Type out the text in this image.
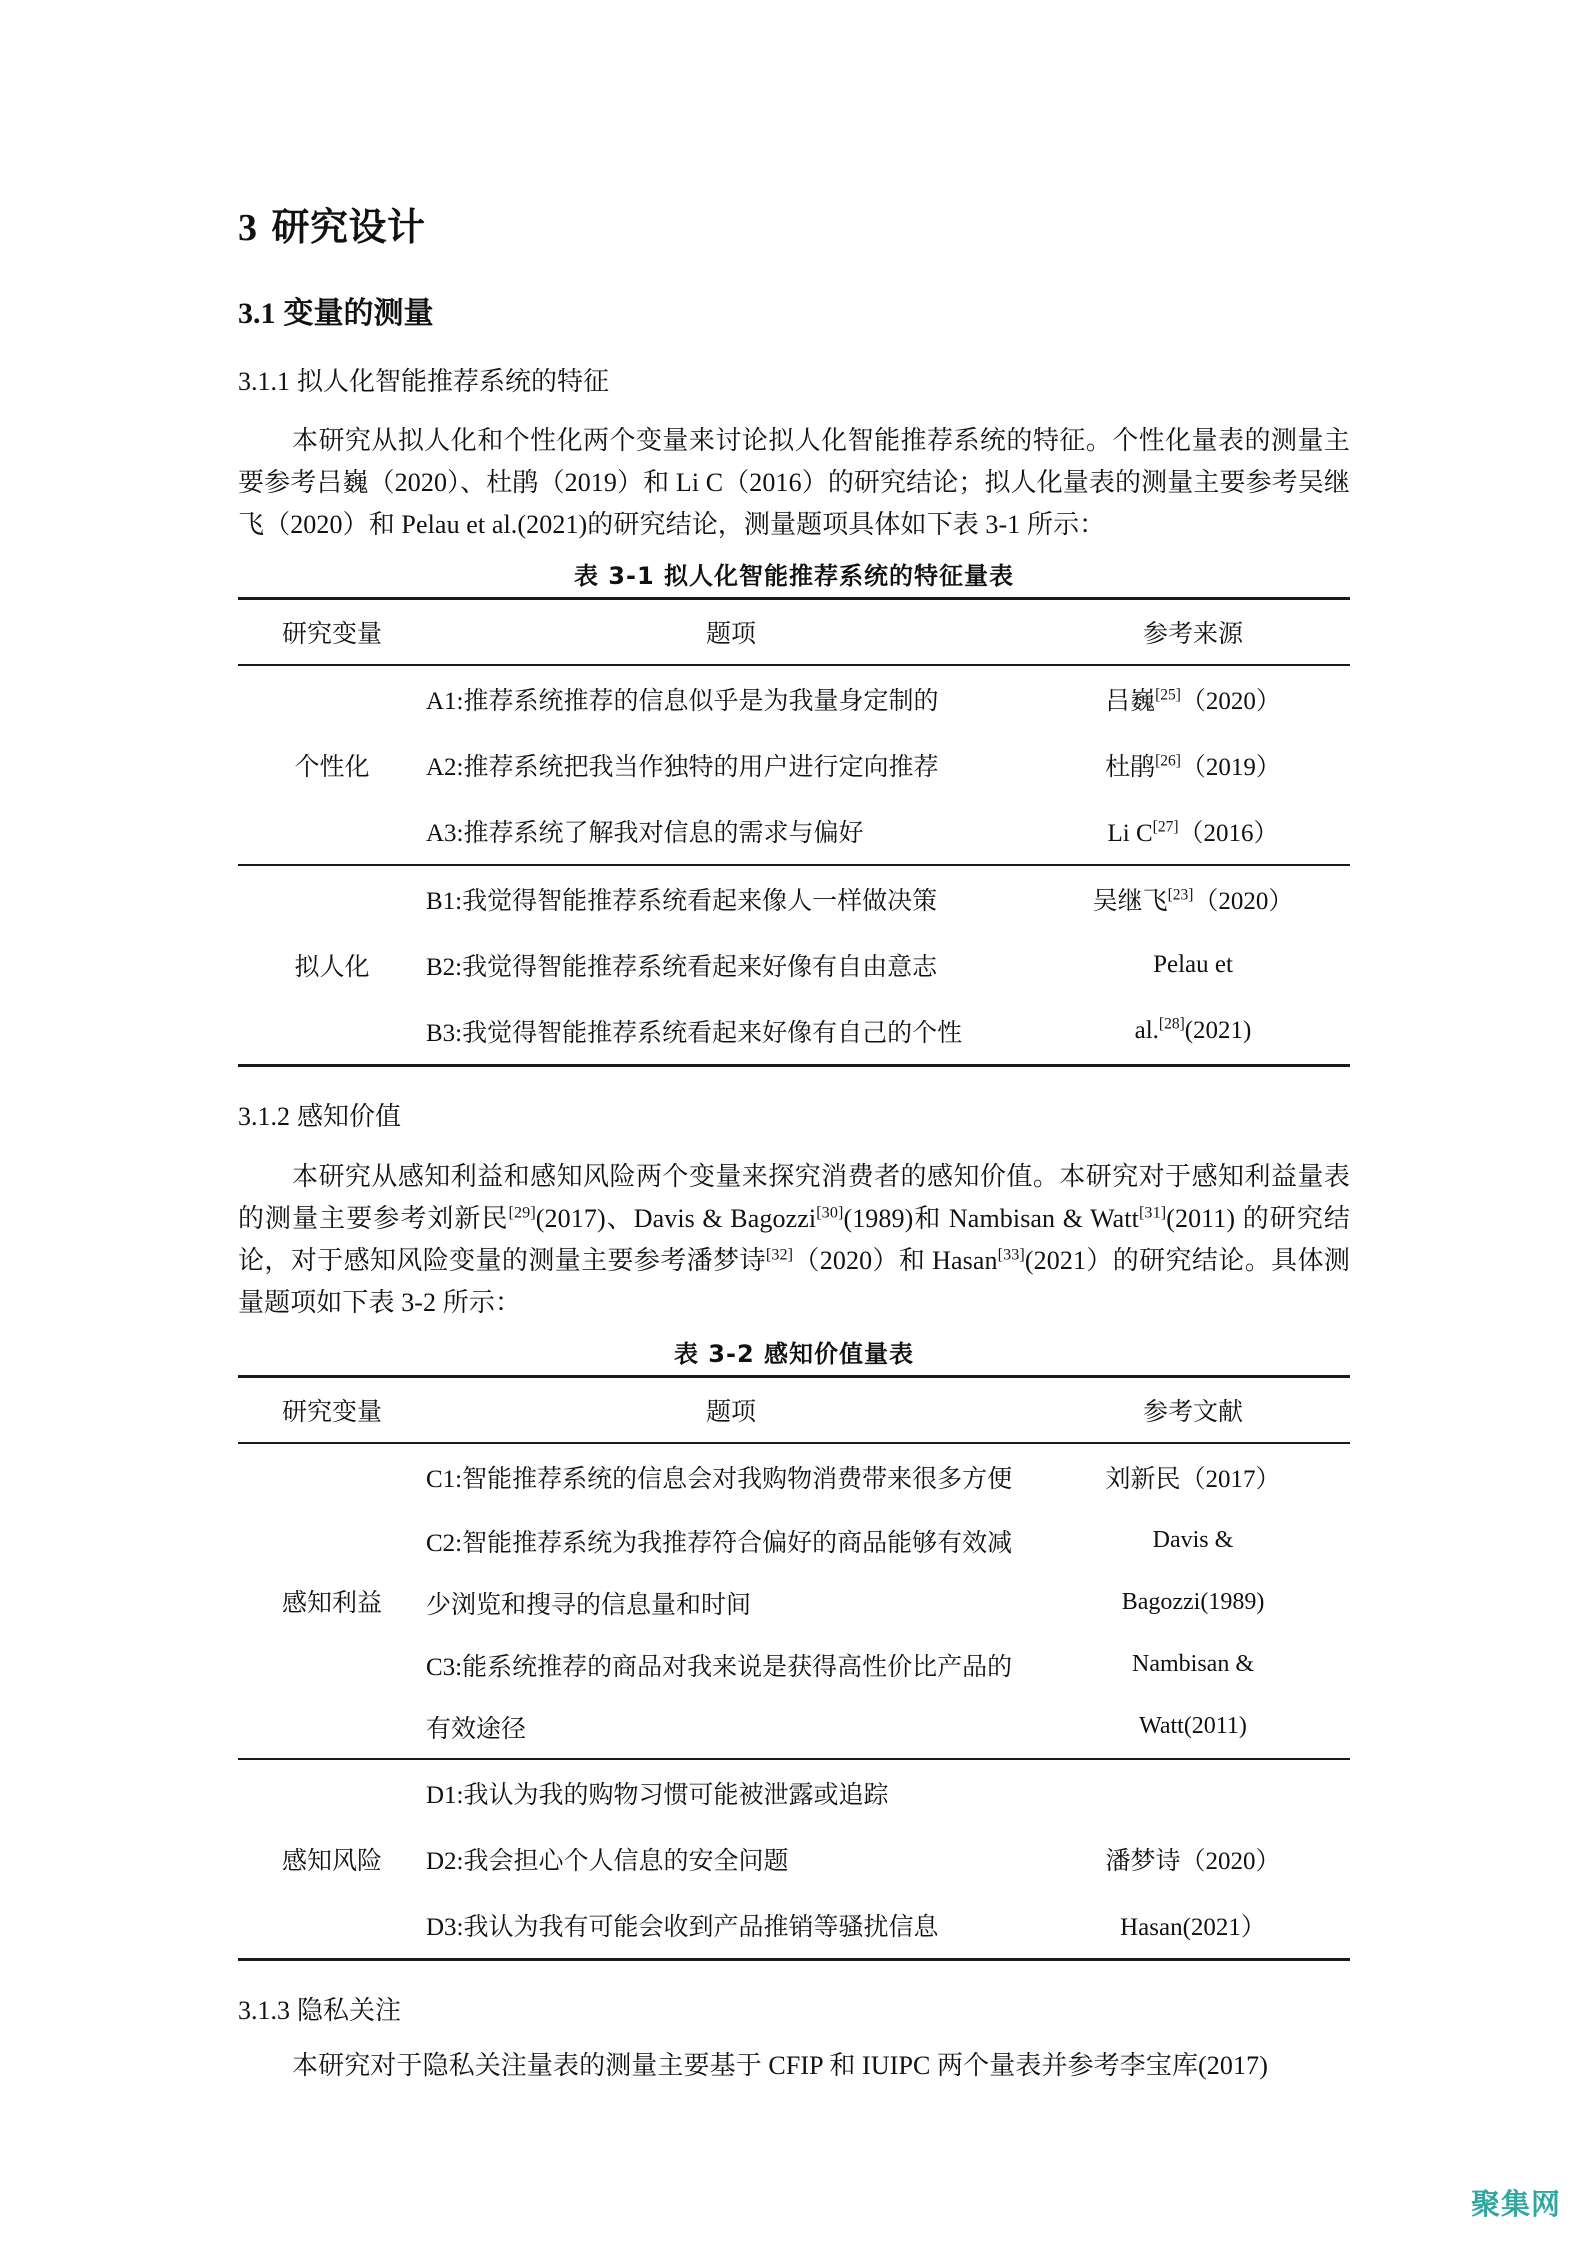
3 研究设计
3.1 变量的测量
3.1.1 拟人化智能推荐系统的特征

本研究从拟人化和个性化两个变量来讨论拟人化智能推荐系统的特征。个性化量表的测量主要参考吕巍（2020）、杜鹃（2019）和 Li C（2016）的研究结论；拟人化量表的测量主要参考吴继飞（2020）和 Pelau et al.(2021)的研究结论，测量题项具体如下表 3-1 所示：

表 3-1 拟人化智能推荐系统的特征量表
研究变量	题项	参考来源
个性化	A1:推荐系统推荐的信息似乎是为我量身定制的	吕巍[25]（2020）
	A2:推荐系统把我当作独特的用户进行定向推荐	杜鹃[26]（2019）
	A3:推荐系统了解我对信息的需求与偏好	Li C[27]（2016）
拟人化	B1:我觉得智能推荐系统看起来像人一样做决策	吴继飞[23]（2020）
	B2:我觉得智能推荐系统看起来好像有自由意志	Pelau et
	B3:我觉得智能推荐系统看起来好像有自己的个性	al.[28](2021)

3.1.2 感知价值

本研究从感知利益和感知风险两个变量来探究消费者的感知价值。本研究对于感知利益量表的测量主要参考刘新民[29](2017)、Davis & Bagozzi[30](1989)和 Nambisan & Watt[31](2011) 的研究结论，对于感知风险变量的测量主要参考潘梦诗[32]（2020）和 Hasan[33](2021）的研究结论。具体测量题项如下表 3-2 所示：

表 3-2 感知价值量表
研究变量	题项	参考文献
感知利益	C1:智能推荐系统的信息会对我购物消费带来很多方便	刘新民（2017）
	C2:智能推荐系统为我推荐符合偏好的商品能够有效减	Davis &
	少浏览和搜寻的信息量和时间	Bagozzi(1989)
	C3:能系统推荐的商品对我来说是获得高性价比产品的	Nambisan &
	有效途径	Watt(2011)
感知风险	D1:我认为我的购物习惯可能被泄露或追踪	
	D2:我会担心个人信息的安全问题	潘梦诗（2020）
	D3:我认为我有可能会收到产品推销等骚扰信息	Hasan(2021）

3.1.3 隐私关注

本研究对于隐私关注量表的测量主要基于 CFIP 和 IUIPC 两个量表并参考李宝库(2017)

聚集网
